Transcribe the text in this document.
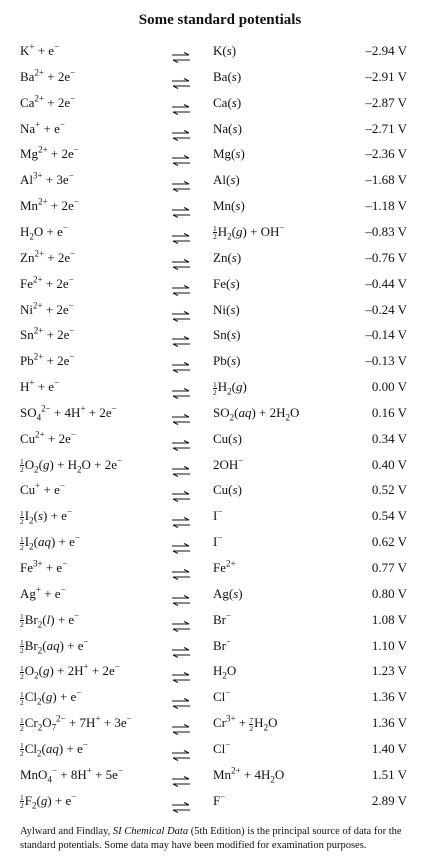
Some standard potentials
K+ + e−	K(s)	–2.94 V
$Ba^{2+} + 2e^-$	Ba(s)	–2.91 V
$Ca^{2+} + 2e^-$	Ca(s)	–2.87 V
Na+ + e−	Na(s)	–2.71 V
$Mg^{2+} + 2e^-$	Mg(s)	–2.36 V
$Al^{3+} + 3e^-$	Al(s)	–1.68 V
$Mn^{2+} + 2e^-$	Mn(s)	–1.18 V
$H_2O + e^-$	$\frac{1}{2} H_2(g) + OH^-$	–0.83 V
$Zn^{2+} + 2e^-$	Zn(s)	–0.76 V
$Fe^{2+} + 2e^-$	Fe(s)	–0.44 V
$Ni^{2+} + 2e^-$	Ni(s)	–0.24 V
$Sn^{2+} + 2e^-$	Sn(s)	–0.14 V
$Pb^{2+} + 2e^-$	Pb(s)	–0.13 V
H+ + e−	$\frac{1}{2} H_2(g)$	0.00 V
$SO_4^{2-} + 4H^+ + 2e^-$	$SO_2(aq) + 2H_2O$	0.16 V
$Cu^{2+} + 2e^-$	Cu(s)	0.34 V
$\frac{1}{2} O_2(g) + H_2O + 2e^-$	2OH−	0.40 V
Cu+ + e−	Cu(s)	0.52 V
$\frac{1}{2} I_2(s) + e^-$	I−	0.54 V
$\frac{1}{2} I_2(aq) + e^-$	I−	0.62 V
$Fe^{3+} + e^-$	$Fe^{2+}$	0.77 V
Ag+ + e−	Ag(s)	0.80 V
$\frac{1}{2} Br_2(l) + e^-$	Br−	1.08 V
$\frac{1}{2} Br_2(aq) + e^-$	Br−	1.10 V
$\frac{1}{2} O_2(g) + 2H^+ + 2e^-$	$H_2O$	1.23 V
$\frac{1}{2} Cl_2(g) + e^-$	Cl−	1.36 V
$\frac{1}{2} Cr_2O_7^{2-} + 7H^+ + 3e^-$	$Cr^{3+} + \frac{7}{2} H_2O$	1.36 V
$\frac{1}{2} Cl_2(aq) + e^-$	Cl−	1.40 V
MnO$_4$− + 8H+ + 5e−	$Mn^{2+} + 4H_2O$	1.51 V
$\frac{1}{2} F_2(g) + e^-$	F−	2.89 V
Aylward and Findlay, SI Chemical Data (5th Edition) is the principal source of data for the standard potentials. Some data may have been modified for examination purposes.
